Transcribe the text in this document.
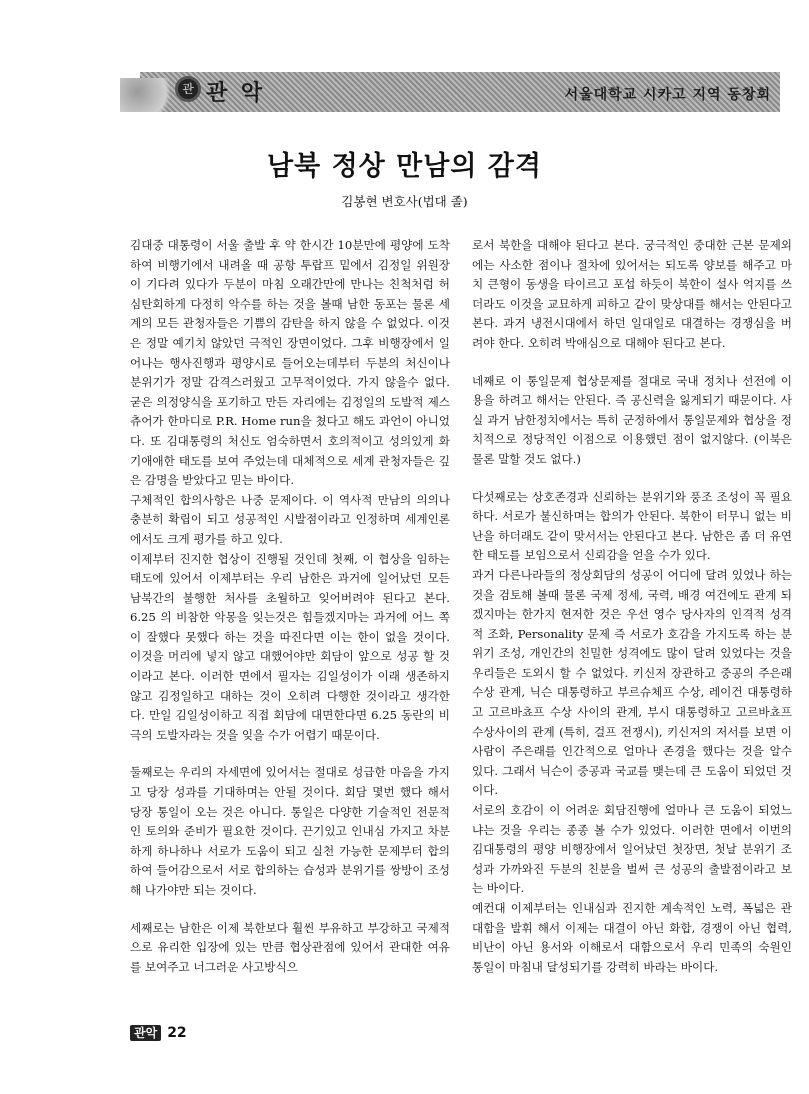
관 관 악	서울대학교 시카고 지역 동창회
남북 정상 만남의 감격
김봉현 변호사(법대 졸)

김대중 대통령이 서울 출발 후 약 한시간 10분만에 평양에 도착하여 비행기에서 내려올 때 공항 투랍프 밑에서 김정일 위원장이 기다려 있다가 두분이 마침 오래간만에 만나는 친척처럼 허심탄회하게 다정히 악수를 하는 것을 볼때 남한 동포는 물론 세계의 모든 관청자들은 기쁨의 감탄을 하지 않을 수 없었다. 이것은 정말 예기치 않았던 극적인 장면이었다. 그후 비행장에서 일어나는 행사진행과 평양시로 들어오는데부터 두분의 처신이나 분위기가 정말 감격스러웠고 고무적이었다. 가지 않을수 없다. 굳은 의정양식을 포기하고 만든 자리에는 김정일의 도발적 제스츄어가 한마디로 P.R. Home run을 쳤다고 해도 과언이 아니었다. 또 김대통령의 처신도 엄숙하면서 호의적이고 성의있게 화기애애한 태도를 보여 주었는데 대체적으로 세계 관청자들은 깊은 감명을 받았다고 믿는 바이다.

구체적인 합의사항은 나중 문제이다. 이 역사적 만남의 의의나 충분히 확립이 되고 성공적인 시발점이라고 인정하며 세계인론에서도 크게 평가를 하고 있다.

이제부터 진지한 협상이 진행될 것인데 첫째, 이 협상을 임하는 태도에 있어서 이제부터는 우리 남한은 과거에 일어났던 모든 남북간의 불행한 처사를 초월하고 잊어버려야 된다고 본다. 6.25 의 비참한 악몽을 잊는것은 힘들겠지마는 과거에 어느 쪽이 잘했다 못했다 하는 것을 따진다면 이는 한이 없을 것이다. 이것을 머리에 넣지 않고 대했어야만 회담이 앞으로 성공 할 것이라고 본다. 이러한 면에서 필자는 김일성이가 이래 생존하지 않고 김정일하고 대하는 것이 오히려 다행한 것이라고 생각한다. 만일 김일성이하고 직접 회담에 대면한다면 6.25 동란의 비극의 도발자라는 것을 잊을 수가 어렵기 때문이다.

둘째로는 우리의 자세면에 있어서는 절대로 성급한 마음을 가지고 당장 성과를 기대하며는 안될 것이다. 회담 몇번 했다 해서 당장 통일이 오는 것은 아니다. 통일은 다양한 기술적인 전문적인 토의와 준비가 필요한 것이다. 끈기있고 인내심 가지고 차분하게 하나하나 서로가 도움이 되고 실천 가능한 문제부터 합의하여 들어감으로서 서로 합의하는 습성과 분위기를 쌍방이 조성해 나가야만 되는 것이다.

세째로는 남한은 이제 북한보다 훨씬 부유하고 부강하고 국제적으로 유리한 입장에 있는 만큼 협상관점에 있어서 관대한 여유를 보여주고 너그러운 사고방식으

로서 북한을 대해야 된다고 본다. 궁극적인 중대한 근본 문제외에는 사소한 점이나 절차에 있어서는 되도록 양보를 해주고 마치 큰형이 동생을 타이르고 포섭 하듯이 북한이 설사 억지를 쓰더라도 이것을 교묘하게 피하고 같이 맞상대를 해서는 안된다고 본다. 과거 냉전시대에서 하던 일대일로 대결하는 경쟁심을 버려야 한다. 오히려 박애심으로 대해야 된다고 본다.

네째로 이 통일문제 협상문제를 절대로 국내 정치나 선전에 이용을 하려고 해서는 안된다. 즉 공신력을 잃게되기 때문이다. 사실 과거 남한정치에서는 특히 군정하에서 통일문제와 협상을 정치적으로 정당적인 이점으로 이용했던 점이 없지않다. (이북은 물론 말할 것도 없다.)

다섯째로는 상호존경과 신뢰하는 분위기와 풍조 조성이 꼭 필요하다. 서로가 불신하며는 합의가 안된다. 북한이 터무니 없는 비난을 하더래도 같이 맞서서는 안된다고 본다. 남한은 좀 더 유연한 태도를 보임으로서 신뢰감을 얻을 수가 있다.

과거 다른나라들의 정상회담의 성공이 어디에 달려 있었나 하는 것을 검토해 볼때 물론 국제 정세, 국력, 배경 여건에도 관계 되겠지마는 한가지 현저한 것은 우선 영수 당사자의 인격적 성격적 조화, Personality 문제 즉 서로가 호감을 가지도록 하는 분위기 조성, 개인간의 친밀한 성격에도 많이 달려 있었다는 것을 우리들은 도외시 할 수 없었다. 키신저 장관하고 중공의 주은래 수상 관계, 닉슨 대통령하고 부르슈체프 수상, 레이건 대통령하고 고르바쵸프 수상 사이의 관계, 부시 대통령하고 고르바쵸프 수상사이의 관계 (특히, 걸프 전쟁시), 키신저의 저서를 보면 이 사람이 주은래를 인간적으로 얼마나 존경을 했다는 것을 알수 있다. 그래서 닉슨이 중공과 국교를 맺는데 큰 도움이 되었던 것이다.

서로의 호감이 이 어려운 회담진행에 얼마나 큰 도움이 되었느냐는 것을 우리는 종종 볼 수가 있었다. 이러한 면에서 이번의 김대통령의 평양 비행장에서 일어났던 첫장면, 첫날 분위기 조성과 가까와진 두분의 친분을 벌써 큰 성공의 출발점이라고 보는 바이다.

예컨대 이제부터는 인내심과 진지한 계속적인 노력, 폭넓은 관대함을 발휘 해서 이제는 대결이 아닌 화합, 경쟁이 아닌 협력, 비난이 아닌 용서와 이해로서 대함으로서 우리 민족의 숙원인 통일이 마침내 달성되기를 강력히 바라는 바이다.

관악 22
